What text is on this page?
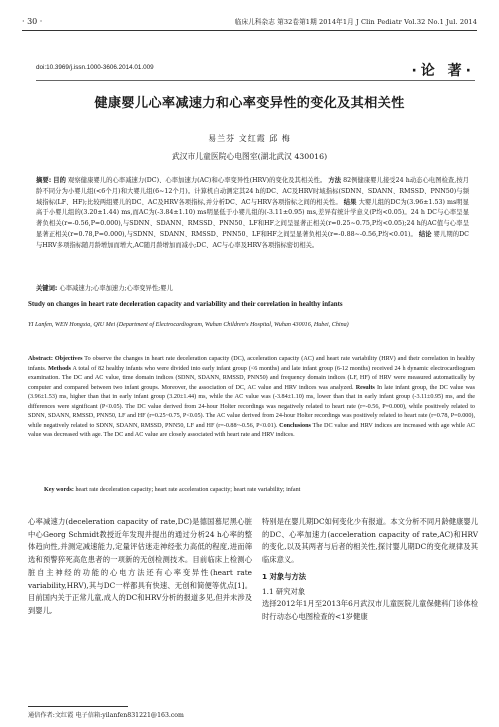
· 30 ·	临床儿科杂志 第32卷第1期 2014年1月 J Clin Pediatr Vol.32 No.1 Jul. 2014
doi:10.3969/j.issn.1000-3606.2014.01.009	·论 著·
健康婴儿心率减速力和心率变异性的变化及其相关性
易兰芬 文红霞 邱 梅
武汉市儿童医院心电图室(湖北武汉 430016)
摘要: 目的 观察健康婴儿的心率减速力(DC)、心率加速力(AC)和心率变异性(HRV)的变化及其相关性。 方法 82例健康婴儿接受24 h动态心电图检查,按月龄不同分为小婴儿组(<6个月)和大婴儿组(6~12个月)。计算机自动测定其24 h的DC、AC及HRV时域指标(SDNN、SDANN、RMSSD、PNN50)与频域指标(LF、HF);比较两组婴儿的DC、AC及HRV各项指标,并分析DC、AC与HRV各项指标之间的相关性。 结果 大婴儿组的DC为(3.96±1.53) ms明显高于小婴儿组的(3.20±1.44) ms,而AC为(-3.84±1.10) ms明显低于小婴儿组的(-3.11±0.95) ms,差异有统计学意义(P均<0.05)。24 h DC与心率呈显著负相关(r=-0.56,P=0.000),与SDNN、SDANN、RMSSD、PNN50、LF和HF之间呈显著正相关(r=0.25~0.75,P均<0.05);24 h的AC值与心率呈显著正相关(r=0.78,P=0.000),与SDNN、SDANN、RMSSD、PNN50、LF和HF之间呈显著负相关(r=-0.88~-0.56,P均<0.01)。 结论 婴儿期的DC与HRV多项指标随月龄增加而增大,AC随月龄增加而减小;DC、AC与心率及HRV各项指标密切相关。
关键词: 心率减速力;心率加速力;心率变异性;婴儿
Study on changes in heart rate deceleration capacity and variability and their correlation in healthy infants
YI Lanfen, WEN Hongxia, QIU Mei (Department of Electrocardiogram, Wuhan Children's Hospital, Wuhan 430016, Hubei, China)
Abstract: Objectives To observe the changes in heart rate deceleration capacity (DC), acceleration capacity (AC) and heart rate variability (HRV) and their correlation in healthy infants. Methods A total of 82 healthy infants who were divided into early infant group (<6 months) and late infant group (6-12 months) received 24 h dynamic electrocardiogram examination. The DC and AC value, time domain indices (SDNN, SDANN, RMSSD, PNN50) and frequency domain indices (LF, HF) of HRV were measured automatically by computer and compared between two infant groups. Moreover, the association of DC, AC value and HRV indices was analyzed. Results In late infant group, the DC value was (3.96±1.53) ms, higher than that in early infant group (3.20±1.44) ms, while the AC value was (-3.84±1.10) ms, lower than that in early infant group (-3.11±0.95) ms, and the differences were significant (P<0.05). The DC value derived from 24-hour Holter recordings was negatively related to heart rate (r=-0.56, P=0.000), while positively related to SDNN, SDANN, RMSSD, PNN50, LF and HF (r=0.25~0.75, P<0.05). The AC value derived from 24-hour Holter recordings was positively related to heart rate (r=0.78, P=0.000), while negatively related to SDNN, SDANN, RMSSD, PNN50, LF and HF (r=-0.88~-0.56, P<0.01). Conclusions The DC value and HRV indices are increased with age while AC value was decreased with age. The DC and AC value are closely associated with heart rate and HRV indices.
Key words: heart rate deceleration capacity; heart rate acceleration capacity; heart rate variability; infant
心率减速力(deceleration capacity of rate,DC)是德国慕尼黑心脏中心Georg Schmidt教授近年发现并提出的通过分析24 h心率的整体趋向性,并测定减速能力,定量评估迷走神经张力高低的程度,进而筛选和预警猝死高危患者的一项新的无创检测技术。目前临床上检测心脏自主神经的功能的心电方法还有心率变异性(heart rate variability,HRV),其与DC一样都具有快速、无创和简便等优点[1]。目前国内关于正常儿童,成人的DC和HRV分析的报道多见,但并未涉及到婴儿,
特别是在婴儿期DC如何变化少有报道。本文分析不同月龄健康婴儿的DC、心率加速力(acceleration capacity of rate,AC)和HRV的变化,以及其两者与后者的相关性,探讨婴儿期DC的变化规律及其临床意义。
1 对象与方法
1.1 研究对象
选择2012年1月至2013年6月武汉市儿童医院儿童保健科门诊体检时行动态心电图检查的<1岁健康
通信作者:文红霞 电子信箱:yilanfen831221@163.com
